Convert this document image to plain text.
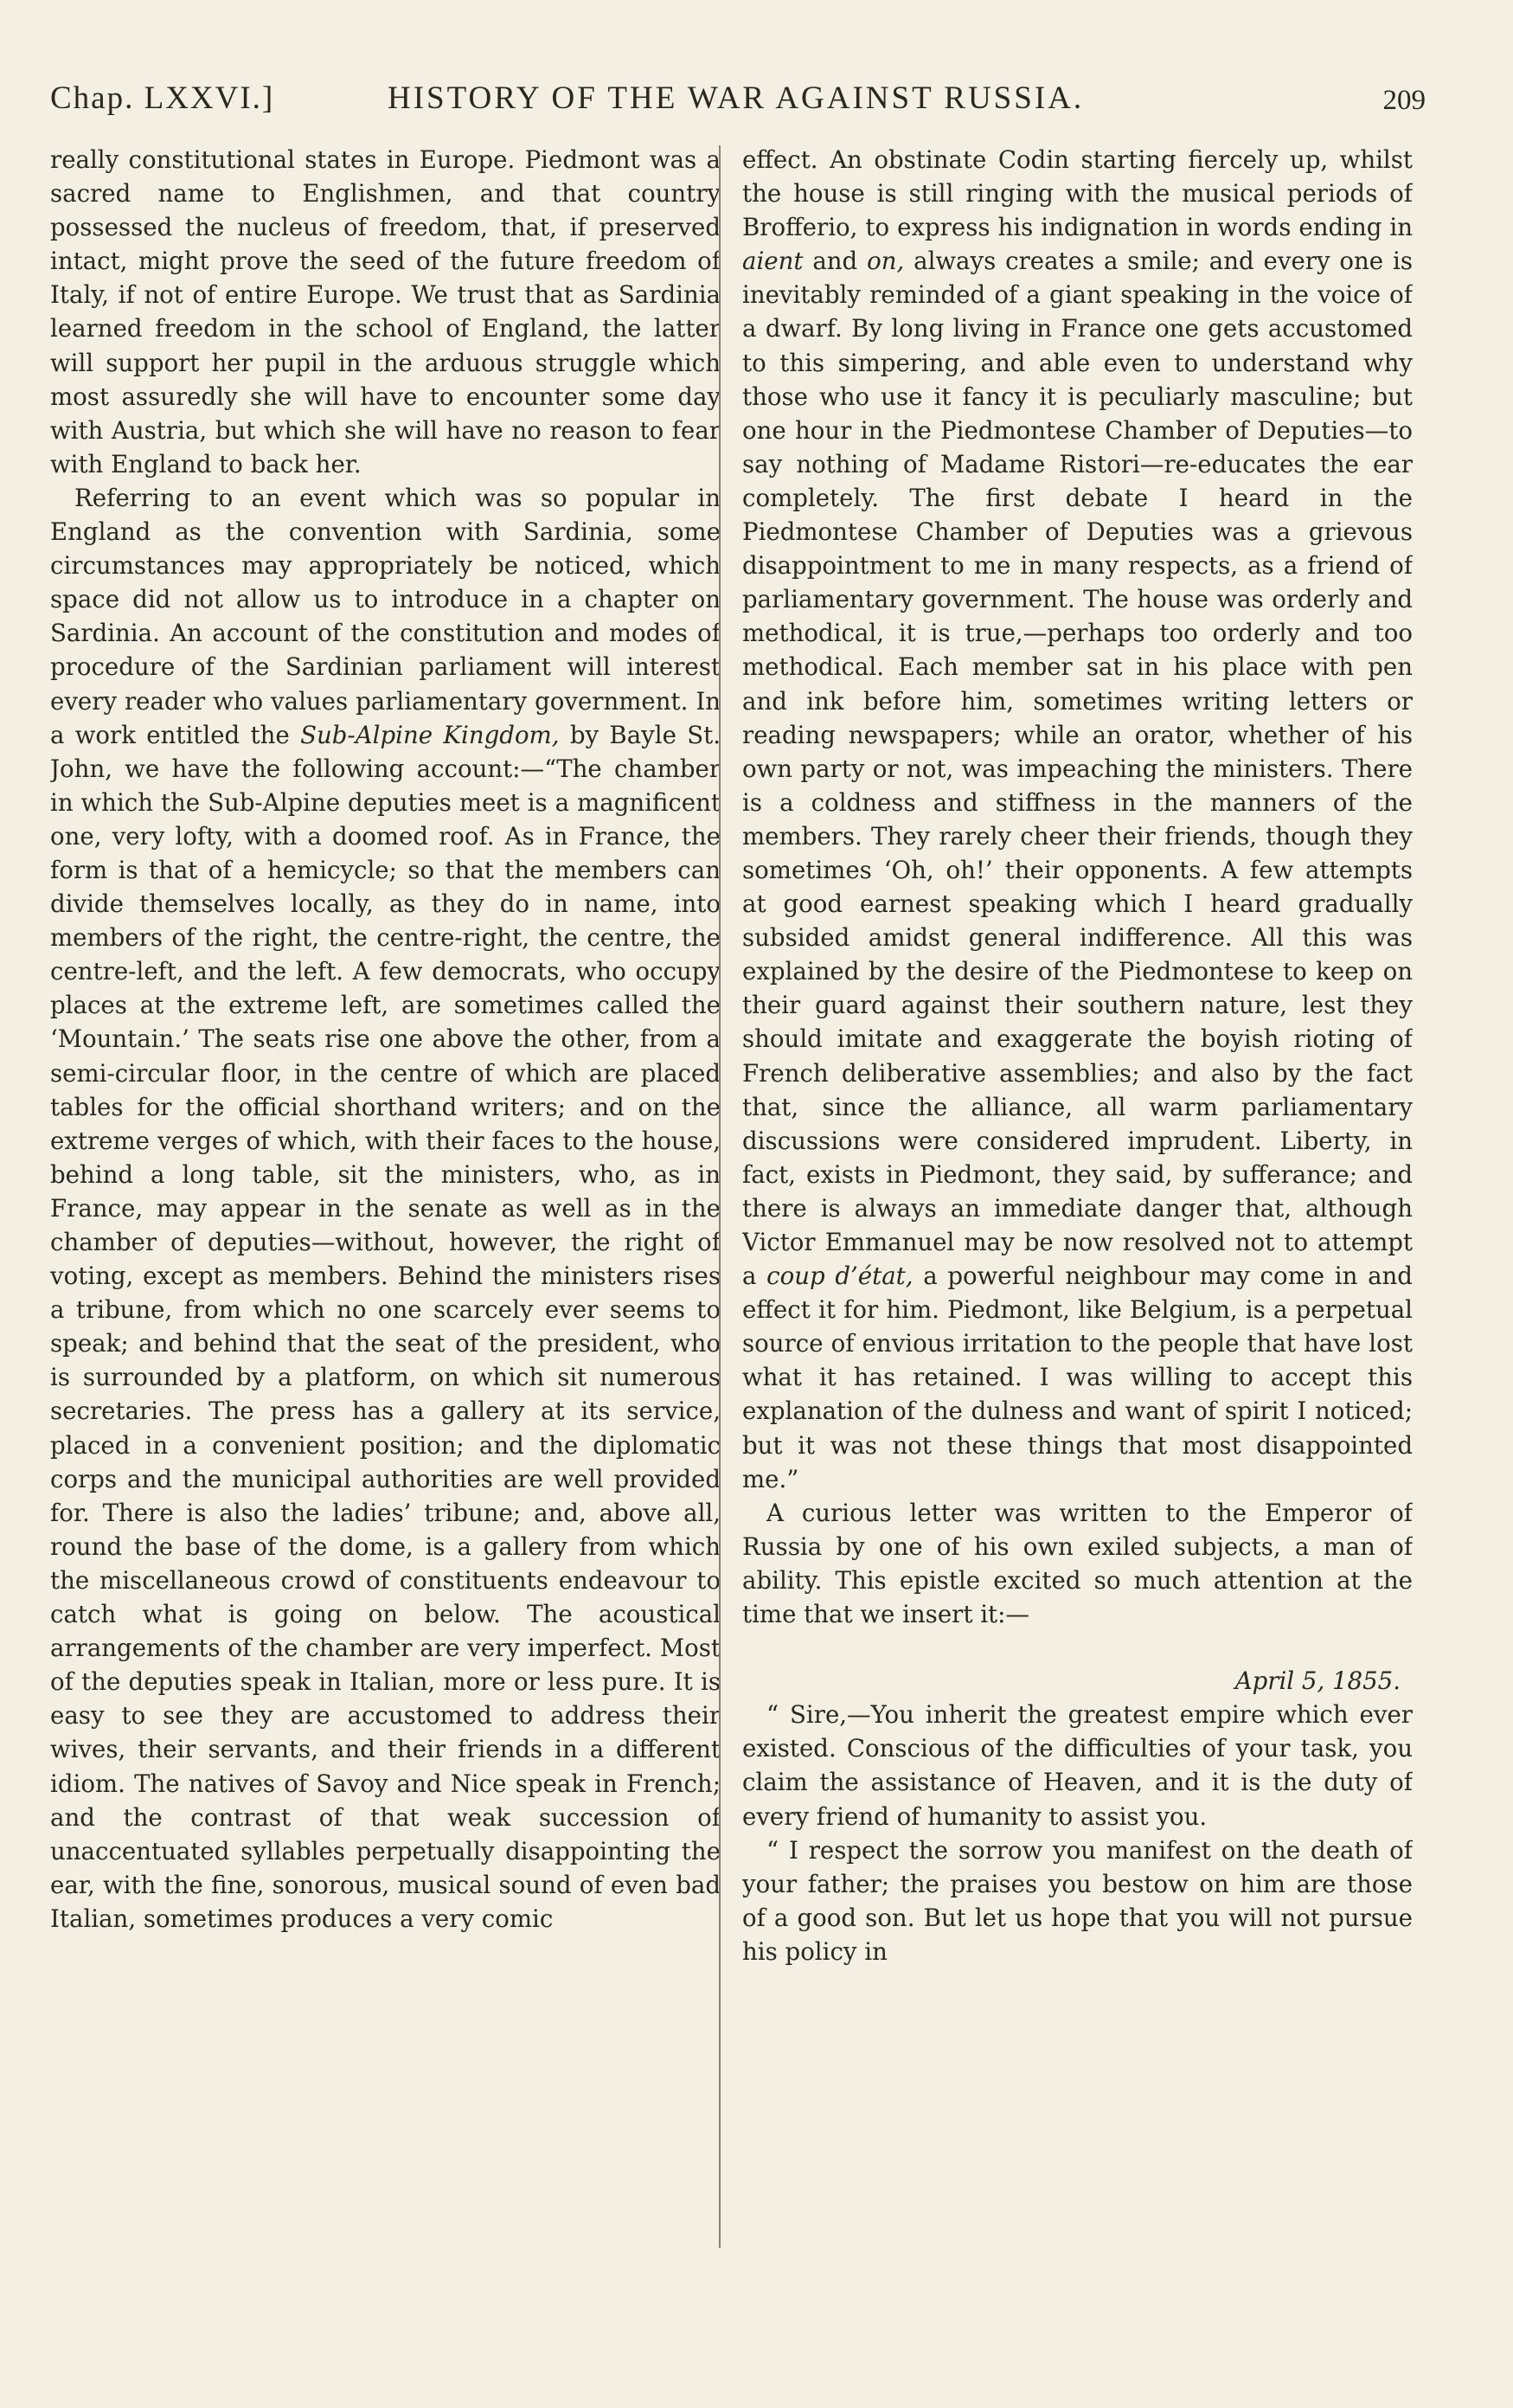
Chap. LXXVI.]	HISTORY OF THE WAR AGAINST RUSSIA.	209

really constitutional states in Europe. Piedmont was a sacred name to Englishmen, and that country possessed the nucleus of freedom, that, if preserved intact, might prove the seed of the future freedom of Italy, if not of entire Europe. We trust that as Sardinia learned freedom in the school of England, the latter will support her pupil in the arduous struggle which most assuredly she will have to encounter some day with Austria, but which she will have no reason to fear with England to back her.

Referring to an event which was so popular in England as the convention with Sardinia, some circumstances may appropriately be noticed, which space did not allow us to introduce in a chapter on Sardinia. An account of the constitution and modes of procedure of the Sardinian parliament will interest every reader who values parliamentary government. In a work entitled the Sub-Alpine Kingdom, by Bayle St. John, we have the following account:—“The chamber in which the Sub-Alpine deputies meet is a magnificent one, very lofty, with a doomed roof. As in France, the form is that of a hemicycle; so that the members can divide themselves locally, as they do in name, into members of the right, the centre-right, the centre, the centre-left, and the left. A few democrats, who occupy places at the extreme left, are sometimes called the ‘Mountain.’ The seats rise one above the other, from a semi-circular floor, in the centre of which are placed tables for the official shorthand writers; and on the extreme verges of which, with their faces to the house, behind a long table, sit the ministers, who, as in France, may appear in the senate as well as in the chamber of deputies—without, however, the right of voting, except as members. Behind the ministers rises a tribune, from which no one scarcely ever seems to speak; and behind that the seat of the president, who is surrounded by a platform, on which sit numerous secretaries. The press has a gallery at its service, placed in a convenient position; and the diplomatic corps and the municipal authorities are well provided for. There is also the ladies’ tribune; and, above all, round the base of the dome, is a gallery from which the miscellaneous crowd of constituents endeavour to catch what is going on below. The acoustical arrangements of the chamber are very imperfect. Most of the deputies speak in Italian, more or less pure. It is easy to see they are accustomed to address their wives, their servants, and their friends in a different idiom. The natives of Savoy and Nice speak in French; and the contrast of that weak succession of unaccentuated syllables perpetually disappointing the ear, with the fine, sonorous, musical sound of even bad Italian, sometimes produces a very comic

effect. An obstinate Codin starting fiercely up, whilst the house is still ringing with the musical periods of Brofferio, to express his indignation in words ending in aient and on, always creates a smile; and every one is inevitably reminded of a giant speaking in the voice of a dwarf. By long living in France one gets accustomed to this simpering, and able even to understand why those who use it fancy it is peculiarly masculine; but one hour in the Piedmontese Chamber of Deputies—to say nothing of Madame Ristori—re-educates the ear completely. The first debate I heard in the Piedmontese Chamber of Deputies was a grievous disappointment to me in many respects, as a friend of parliamentary government. The house was orderly and methodical, it is true,—perhaps too orderly and too methodical. Each member sat in his place with pen and ink before him, sometimes writing letters or reading newspapers; while an orator, whether of his own party or not, was impeaching the ministers. There is a coldness and stiffness in the manners of the members. They rarely cheer their friends, though they sometimes ‘Oh, oh!’ their opponents. A few attempts at good earnest speaking which I heard gradually subsided amidst general indifference. All this was explained by the desire of the Piedmontese to keep on their guard against their southern nature, lest they should imitate and exaggerate the boyish rioting of French deliberative assemblies; and also by the fact that, since the alliance, all warm parliamentary discussions were considered imprudent. Liberty, in fact, exists in Piedmont, they said, by sufferance; and there is always an immediate danger that, although Victor Emmanuel may be now resolved not to attempt a coup d’état, a powerful neighbour may come in and effect it for him. Piedmont, like Belgium, is a perpetual source of envious irritation to the people that have lost what it has retained. I was willing to accept this explanation of the dulness and want of spirit I noticed; but it was not these things that most disappointed me.”

A curious letter was written to the Emperor of Russia by one of his own exiled subjects, a man of ability. This epistle excited so much attention at the time that we insert it:—

April 5, 1855.

“ Sire,—You inherit the greatest empire which ever existed. Conscious of the difficulties of your task, you claim the assistance of Heaven, and it is the duty of every friend of humanity to assist you.

“ I respect the sorrow you manifest on the death of your father; the praises you bestow on him are those of a good son. But let us hope that you will not pursue his policy in
